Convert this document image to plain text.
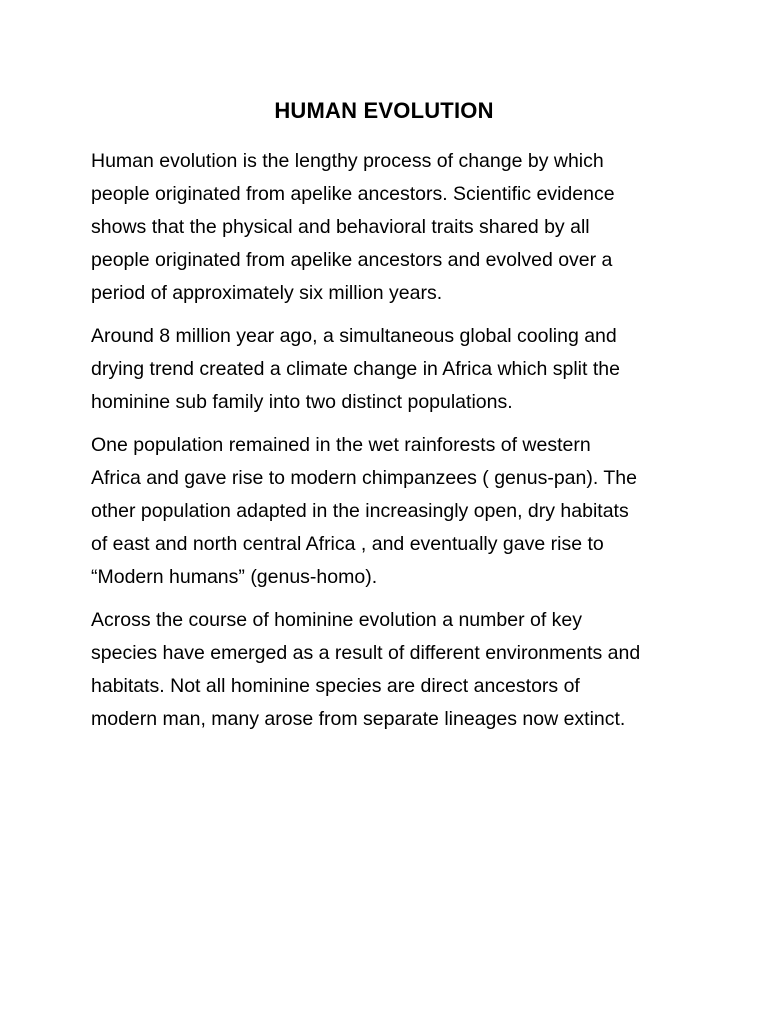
HUMAN EVOLUTION

Human evolution is the lengthy process of change by which
people originated from apelike ancestors. Scientific evidence
shows that the physical and behavioral traits shared by all
people originated from apelike ancestors and evolved over a
period of approximately six million years.

Around 8 million year ago, a simultaneous global cooling and
drying trend created a climate change in Africa which split the
hominine sub family into two distinct populations.

One population remained in the wet rainforests of western
Africa and gave rise to modern chimpanzees ( genus-pan). The
other population adapted in the increasingly open, dry habitats
of east and north central Africa , and eventually gave rise to
“Modern humans” (genus-homo).

Across the course of hominine evolution a number of key
species have emerged as a result of different environments and
habitats. Not all hominine species are direct ancestors of
modern man, many arose from separate lineages now extinct.
